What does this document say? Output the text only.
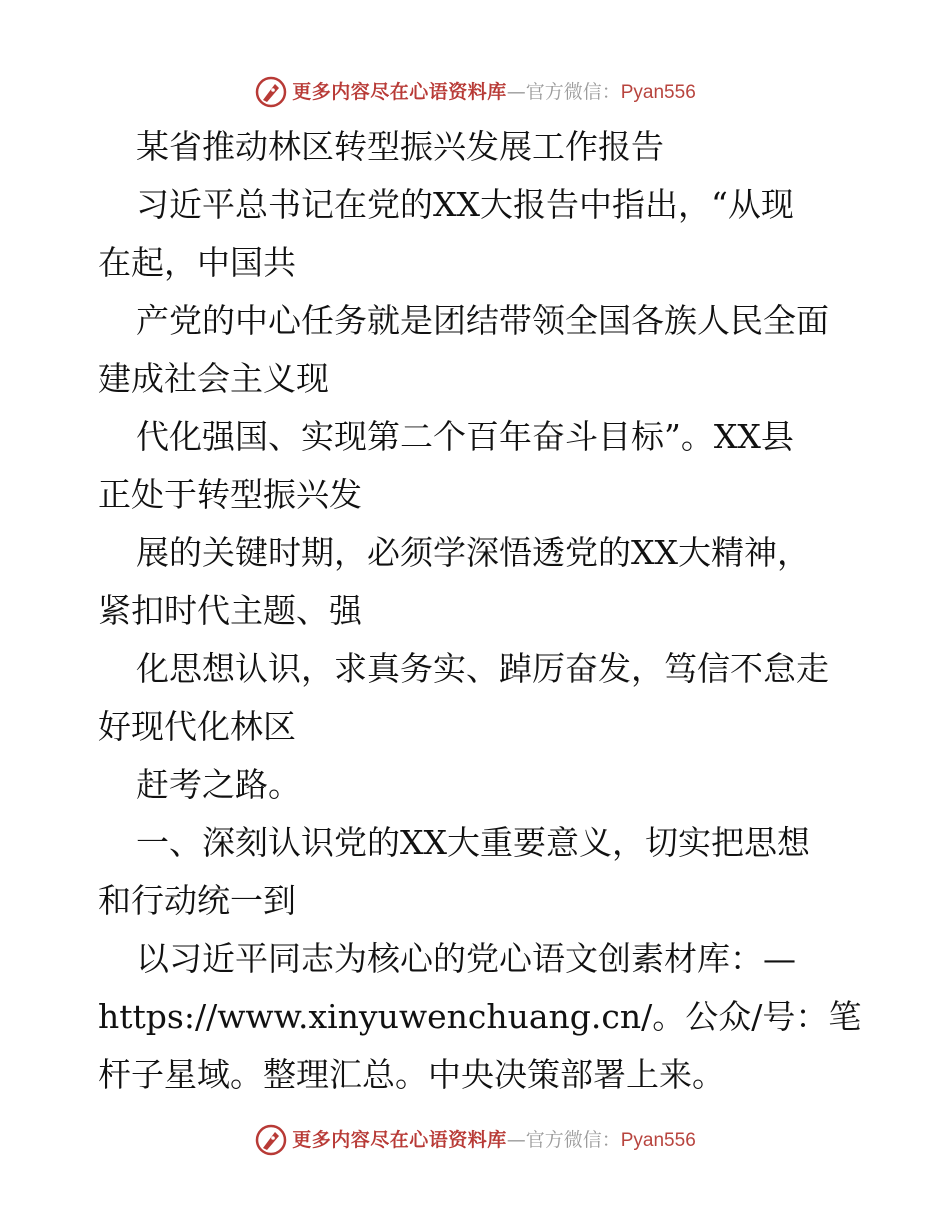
更多内容尽在心语资料库 — 官方微信： Pyan556

某省推动林区转型振兴发展工作报告

习近平总书记在党的XX大报告中指出，“从现

在起，中国共

产党的中心任务就是团结带领全国各族人民全面

建成社会主义现

代化强国、实现第二个百年奋斗目标”。XX县

正处于转型振兴发

展的关键时期，必须学深悟透党的XX大精神，

紧扣时代主题、强

化思想认识，求真务实、踔厉奋发，笃信不怠走

好现代化林区

赶考之路。

一、深刻认识党的XX大重要意义，切实把思想

和行动统一到

以习近平同志为核心的党心语文创素材库：—

https://www.xinyuwenchuang.cn/。公众/号：笔

杆子星域。整理汇总。中央决策部署上来。

更多内容尽在心语资料库 — 官方微信： Pyan556
